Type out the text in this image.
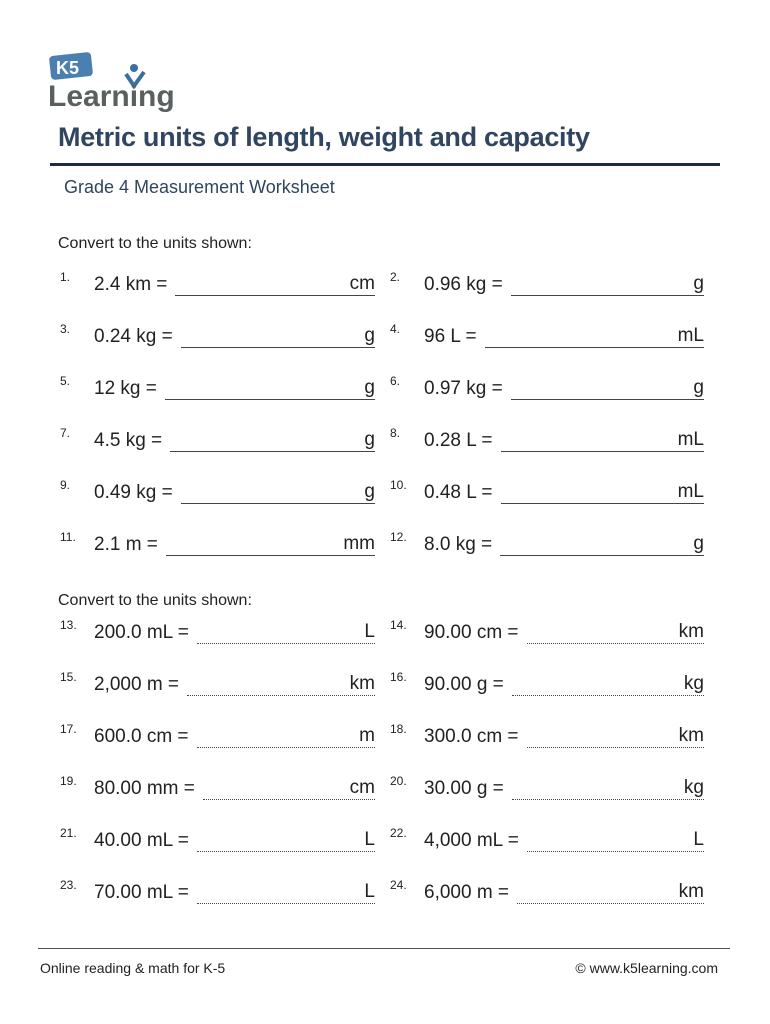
K5
Learning
Metric units of length, weight and capacity
Grade 4 Measurement Worksheet
Convert to the units shown:
1.	2.4 km =	cm 2.	0.96 kg =	g
3.	0.24 kg =	g 4.	96 L =	mL
5.	12 kg =	g 6.	0.97 kg =	g
7.	4.5 kg =	g 8.	0.28 L =	mL
9.	0.49 kg =	g 10. 0.48 L =	mL
11. 2.1 m =	mm 12. 8.0 kg =	g
Convert to the units shown:
13. 200.0 mL =	L 14. 90.00 cm =	km
15. 2,000 m =	km 16. 90.00 g =	kg
17. 600.0 cm =	m 18. 300.0 cm =	km
19. 80.00 mm =	cm 20. 30.00 g =	kg
21. 40.00 mL =	L 22. 4,000 mL =	L
23. 70.00 mL =	L 24. 6,000 m =	km
Online reading & math for K-5	© www.k5learning.com
